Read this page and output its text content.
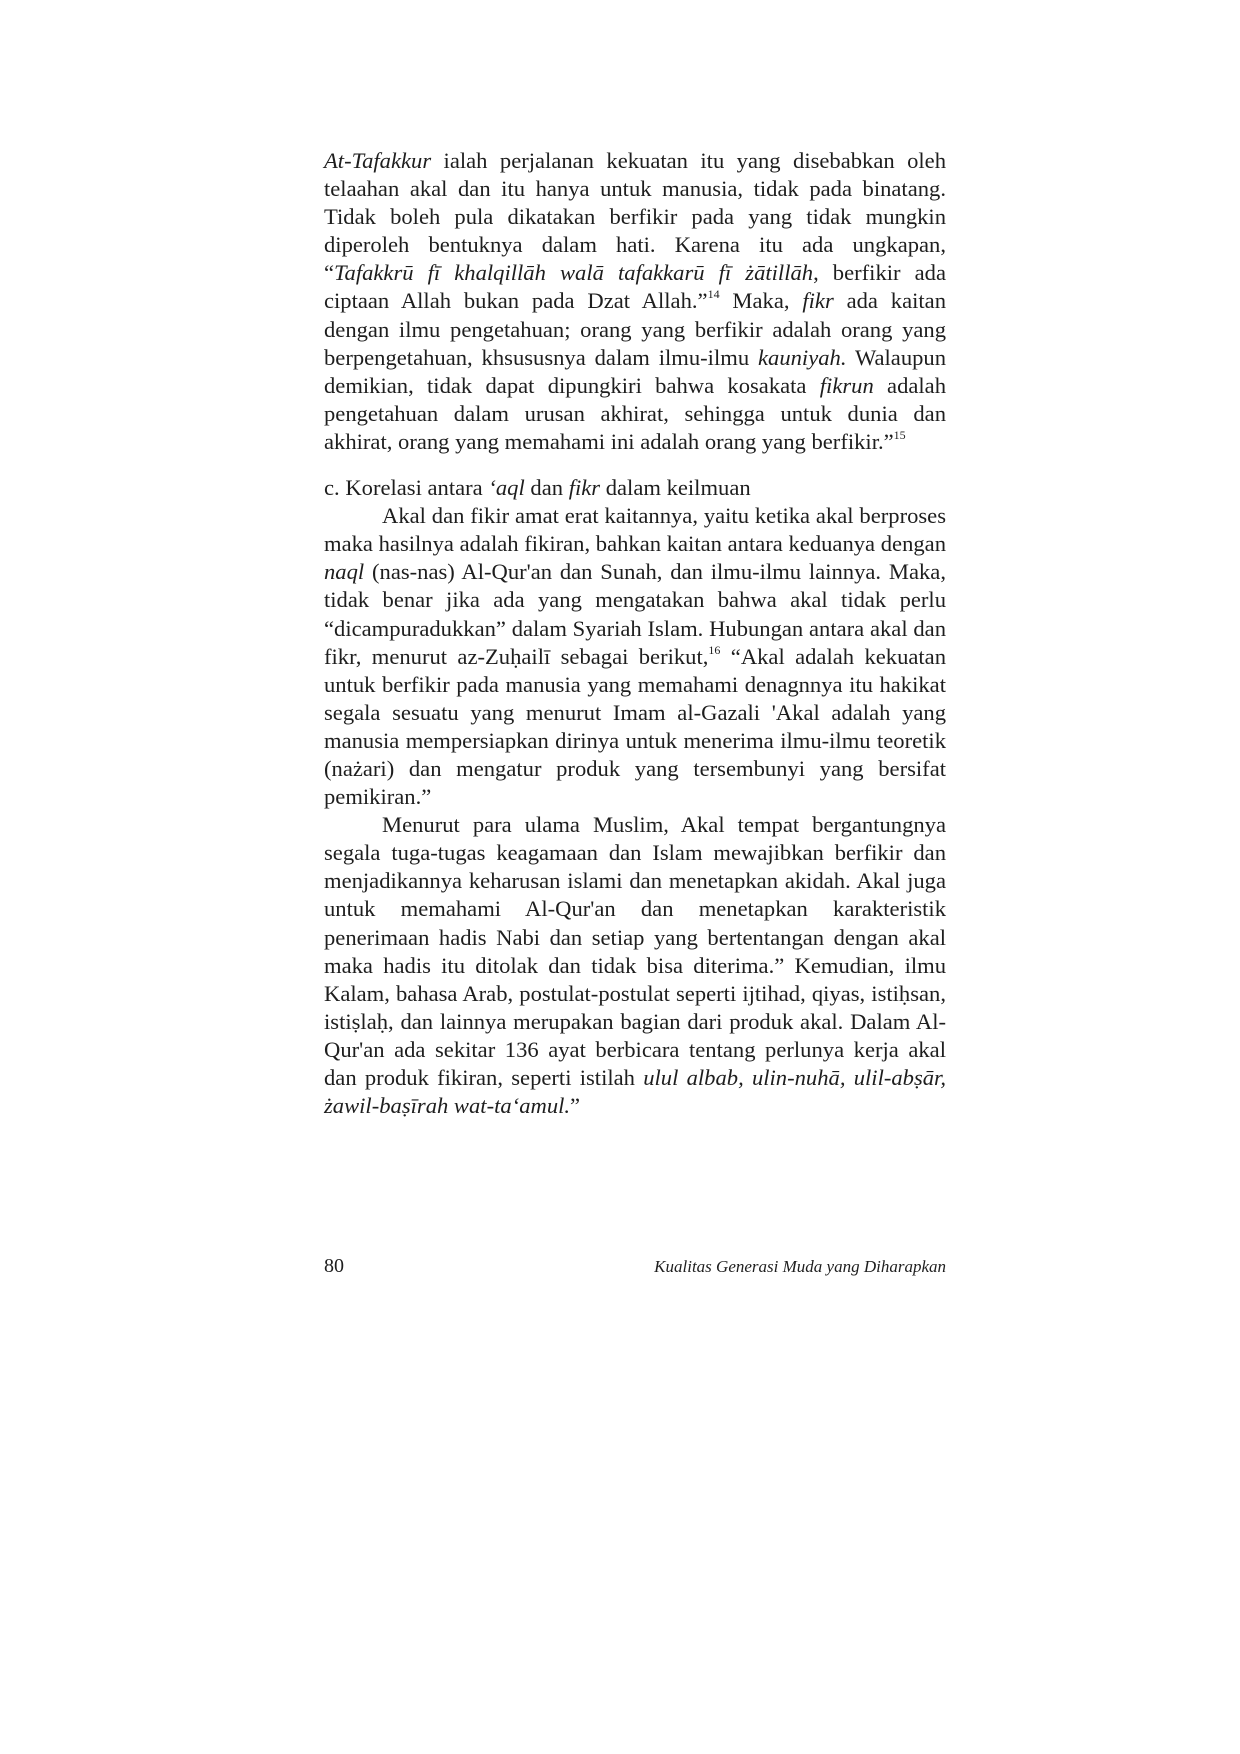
At-Tafakkur ialah perjalanan kekuatan itu yang disebabkan oleh telaahan akal dan itu hanya untuk manusia, tidak pada binatang. Tidak boleh pula dikatakan berfikir pada yang tidak mungkin diperoleh bentuknya dalam hati. Karena itu ada ungkapan, “Tafakkrū fī khalqillāh walā tafakkarū fī żātillāh, berfikir ada ciptaan Allah bukan pada Dzat Allah.”$^{14}$ Maka, fikr ada kaitan dengan ilmu pengetahuan; orang yang berfikir adalah orang yang berpengetahuan, khsususnya dalam ilmu-ilmu kauniyah. Walaupun demikian, tidak dapat dipungkiri bahwa kosakata fikrun adalah pengetahuan dalam urusan akhirat, sehingga untuk dunia dan akhirat, orang yang memahami ini adalah orang yang berfikir.”$^{15}$

c. Korelasi antara ‘aql dan fikr dalam keilmuan

Akal dan fikir amat erat kaitannya, yaitu ketika akal berproses maka hasilnya adalah fikiran, bahkan kaitan antara keduanya dengan naql (nas-nas) Al-Qur'an dan Sunah, dan ilmu-ilmu lainnya. Maka, tidak benar jika ada yang mengatakan bahwa akal tidak perlu “dicampuradukkan” dalam Syariah Islam. Hubungan antara akal dan fikr, menurut az-Zuḥailī sebagai berikut,$^{16}$ “Akal adalah kekuatan untuk berfikir pada manusia yang memahami denagnnya itu hakikat segala sesuatu yang menurut Imam al-Gazali 'Akal adalah yang manusia mempersiapkan dirinya untuk menerima ilmu-ilmu teoretik (nażari) dan mengatur produk yang tersembunyi yang bersifat pemikiran.”

Menurut para ulama Muslim, Akal tempat bergantungnya segala tuga-tugas keagamaan dan Islam mewajibkan berfikir dan menjadikannya keharusan islami dan menetapkan akidah. Akal juga untuk memahami Al-Qur'an dan menetapkan karakteristik penerimaan hadis Nabi dan setiap yang bertentangan dengan akal maka hadis itu ditolak dan tidak bisa diterima.” Kemudian, ilmu Kalam, bahasa Arab, postulat-postulat seperti ijtihad, qiyas, istiḥsan, istiṣlaḥ, dan lainnya merupakan bagian dari produk akal. Dalam Al-Qur'an ada sekitar 136 ayat berbicara tentang perlunya kerja akal dan produk fikiran, seperti istilah ulul albab, ulin-nuhā, ulil-abṣār, żawil-baṣīrah wat-ta‘amul.”

80	Kualitas Generasi Muda yang Diharapkan
